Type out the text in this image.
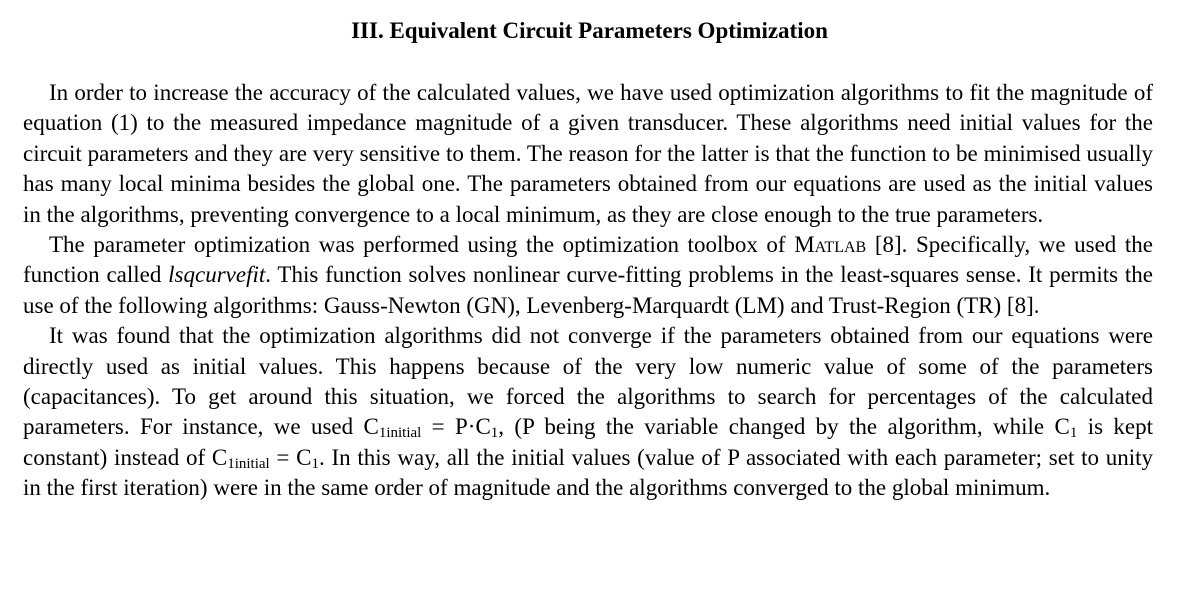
III. Equivalent Circuit Parameters Optimization

In order to increase the accuracy of the calculated values, we have used optimization algorithms to fit the magnitude of equation (1) to the measured impedance magnitude of a given transducer. These algorithms need initial values for the circuit parameters and they are very sensitive to them. The reason for the latter is that the function to be minimised usually has many local minima besides the global one. The parameters obtained from our equations are used as the initial values in the algorithms, preventing convergence to a local minimum, as they are close enough to the true parameters.

The parameter optimization was performed using the optimization toolbox of Matlab [8]. Specifically, we used the function called lsqcurvefit. This function solves nonlinear curve-fitting problems in the least-squares sense. It permits the use of the following algorithms: Gauss-Newton (GN), Levenberg-Marquardt (LM) and Trust-Region (TR) [8].

It was found that the optimization algorithms did not converge if the parameters obtained from our equations were directly used as initial values. This happens because of the very low numeric value of some of the parameters (capacitances). To get around this situation, we forced the algorithms to search for percentages of the calculated parameters. For instance, we used $C_{1initial} = P\cdot C_1$, (P being the variable changed by the algorithm, while $C_1$ is kept constant) instead of $C_{1initial} = C_1$. In this way, all the initial values (value of P associated with each parameter; set to unity in the first iteration) were in the same order of magnitude and the algorithms converged to the global minimum.
